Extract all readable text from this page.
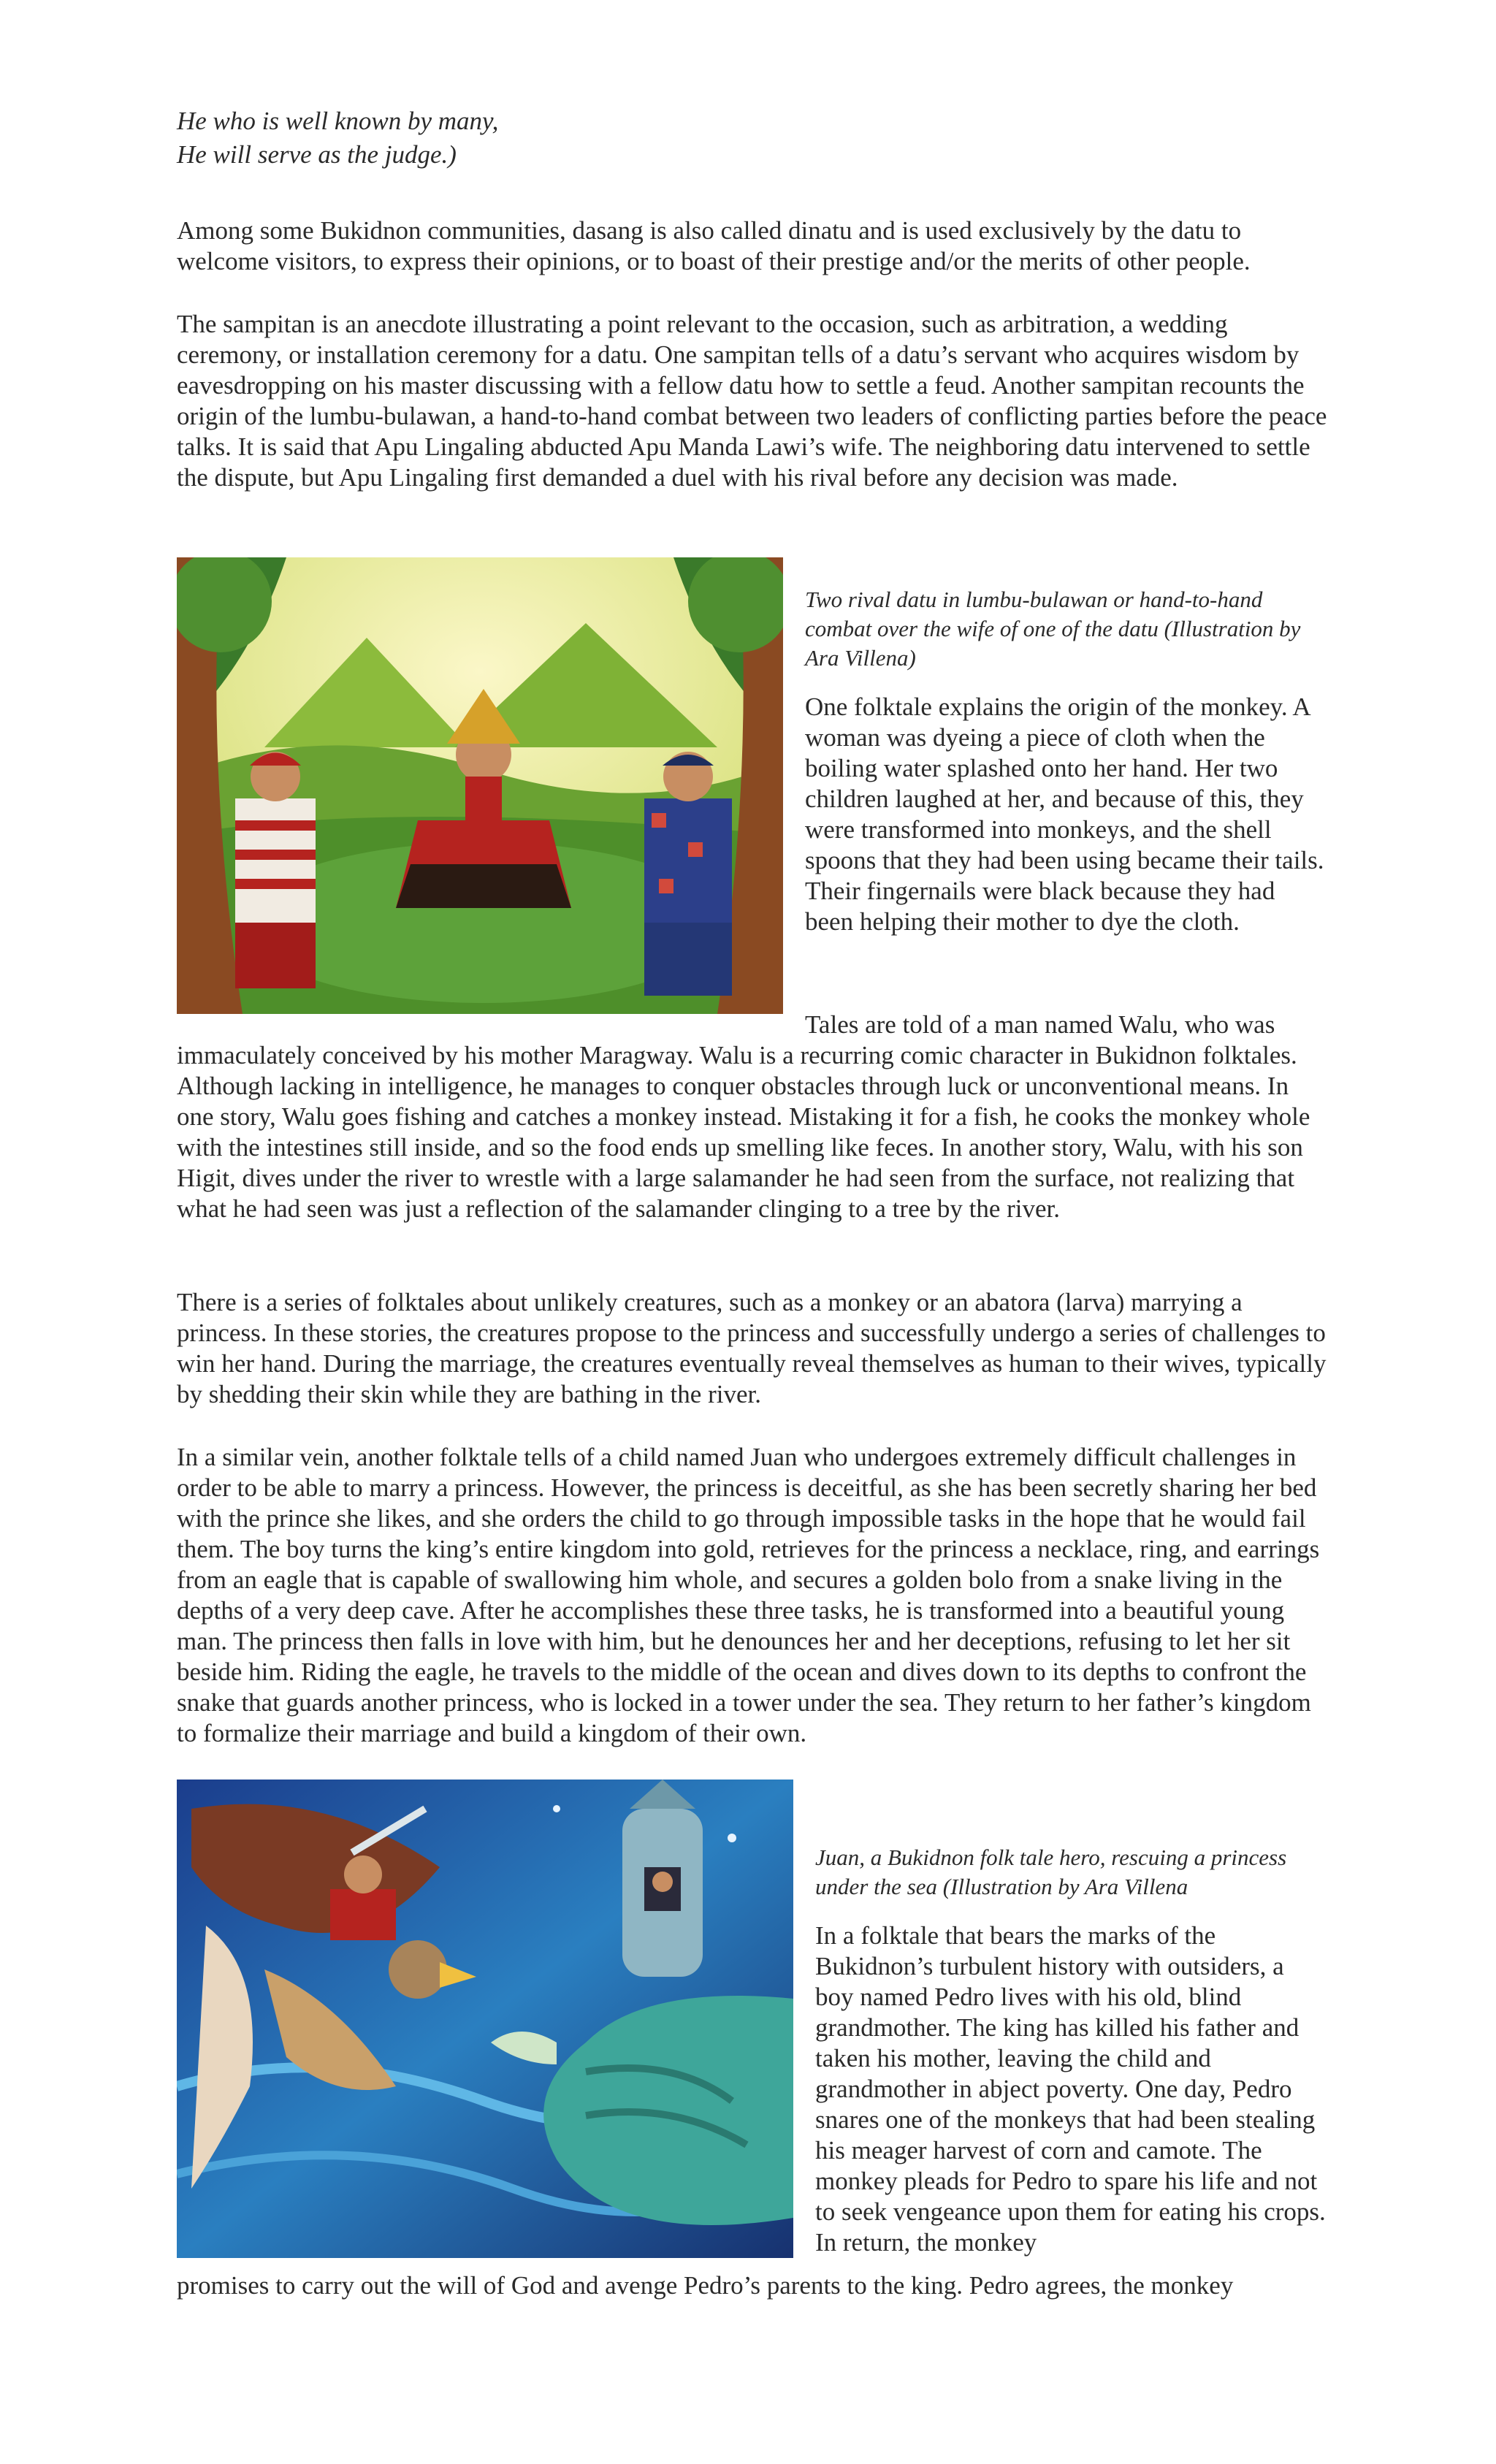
He who is well known by many,
He will serve as the judge.)

Among some Bukidnon communities, dasang is also called dinatu and is used exclusively by the datu to welcome visitors, to express their opinions, or to boast of their prestige and/or the merits of other people.

The sampitan is an anecdote illustrating a point relevant to the occasion, such as arbitration, a wedding ceremony, or installation ceremony for a datu. One sampitan tells of a datu’s servant who acquires wisdom by eavesdropping on his master discussing with a fellow datu how to settle a feud. Another sampitan recounts the origin of the lumbu-bulawan, a hand-to-hand combat between two leaders of conflicting parties before the peace talks. It is said that Apu Lingaling abducted Apu Manda Lawi’s wife. The neighboring datu intervened to settle the dispute, but Apu Lingaling first demanded a duel with his rival before any decision was made.

Two rival datu in lumbu-bulawan or hand-to-hand combat over the wife of one of the datu (Illustration by Ara Villena)

One folktale explains the origin of the monkey. A woman was dyeing a piece of cloth when the boiling water splashed onto her hand. Her two children laughed at her, and because of this, they were transformed into monkeys, and the shell spoons that they had been using became their tails. Their fingernails were black because they had been helping their mother to dye the cloth.

Tales are told of a man named Walu, who was

immaculately conceived by his mother Maragway. Walu is a recurring comic character in Bukidnon folktales. Although lacking in intelligence, he manages to conquer obstacles through luck or unconventional means. In one story, Walu goes fishing and catches a monkey instead. Mistaking it for a fish, he cooks the monkey whole with the intestines still inside, and so the food ends up smelling like feces. In another story, Walu, with his son Higit, dives under the river to wrestle with a large salamander he had seen from the surface, not realizing that what he had seen was just a reflection of the salamander clinging to a tree by the river.

There is a series of folktales about unlikely creatures, such as a monkey or an abatora (larva) marrying a princess. In these stories, the creatures propose to the princess and successfully undergo a series of challenges to win her hand. During the marriage, the creatures eventually reveal themselves as human to their wives, typically by shedding their skin while they are bathing in the river.

In a similar vein, another folktale tells of a child named Juan who undergoes extremely difficult challenges in order to be able to marry a princess. However, the princess is deceitful, as she has been secretly sharing her bed with the prince she likes, and she orders the child to go through impossible tasks in the hope that he would fail them. The boy turns the king’s entire kingdom into gold, retrieves for the princess a necklace, ring, and earrings from an eagle that is capable of swallowing him whole, and secures a golden bolo from a snake living in the depths of a very deep cave. After he accomplishes these three tasks, he is transformed into a beautiful young man. The princess then falls in love with him, but he denounces her and her deceptions, refusing to let her sit beside him. Riding the eagle, he travels to the middle of the ocean and dives down to its depths to confront the snake that guards another princess, who is locked in a tower under the sea. They return to her father’s kingdom to formalize their marriage and build a kingdom of their own.

Juan, a Bukidnon folk tale hero, rescuing a princess under the sea (Illustration by Ara Villena

In a folktale that bears the marks of the Bukidnon’s turbulent history with outsiders, a boy named Pedro lives with his old, blind grandmother. The king has killed his father and taken his mother, leaving the child and grandmother in abject poverty. One day, Pedro snares one of the monkeys that had been stealing his meager harvest of corn and camote. The monkey pleads for Pedro to spare his life and not to seek vengeance upon them for eating his crops. In return, the monkey

promises to carry out the will of God and avenge Pedro’s parents to the king. Pedro agrees, the monkey
